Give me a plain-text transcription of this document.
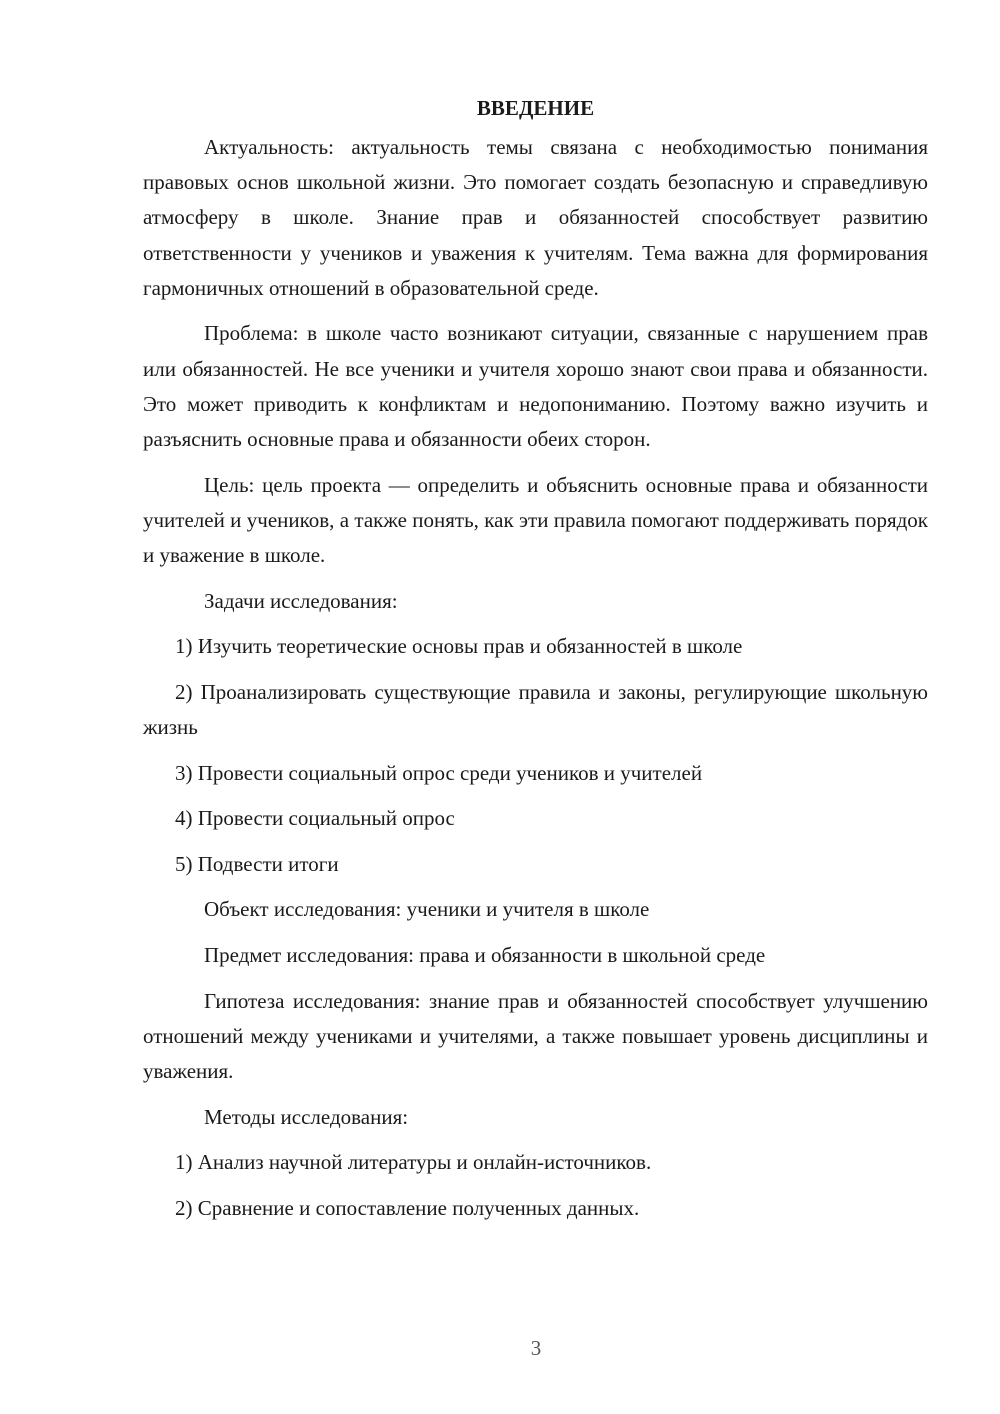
ВВЕДЕНИЕ

Актуальность: актуальность темы связана с необходимостью понимания правовых основ школьной жизни. Это помогает создать безопасную и справедливую атмосферу в школе. Знание прав и обязанностей способствует развитию ответственности у учеников и уважения к учителям. Тема важна для формирования гармоничных отношений в образовательной среде.

Проблема: в школе часто возникают ситуации, связанные с нарушением прав или обязанностей. Не все ученики и учителя хорошо знают свои права и обязанности. Это может приводить к конфликтам и недопониманию. Поэтому важно изучить и разъяснить основные права и обязанности обеих сторон.

Цель: цель проекта — определить и объяснить основные права и обязанности учителей и учеников, а также понять, как эти правила помогают поддерживать порядок и уважение в школе.

Задачи исследования:

1) Изучить теоретические основы прав и обязанностей в школе

2) Проанализировать существующие правила и законы, регулирующие школьную жизнь

3) Провести социальный опрос среди учеников и учителей

4) Провести социальный опрос

5) Подвести итоги

Объект исследования: ученики и учителя в школе

Предмет исследования: права и обязанности в школьной среде

Гипотеза исследования: знание прав и обязанностей способствует улучшению отношений между учениками и учителями, а также повышает уровень дисциплины и уважения.

Методы исследования:

1) Анализ научной литературы и онлайн-источников.

2) Сравнение и сопоставление полученных данных.

3
